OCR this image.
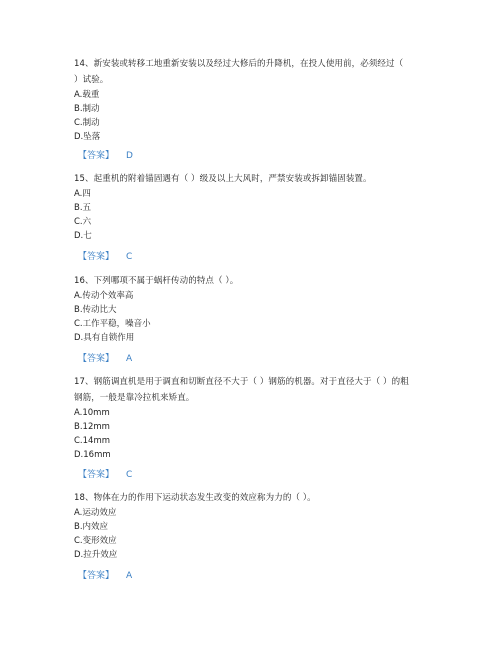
14、新安装或转移工地重新安装以及经过大修后的升降机，在投人使用前，必须经过（

）试验。

A.载重

B.制动

C.制动

D.坠落

【答案】 D

15、起重机的附着锚固遇有（ ）级及以上大风时，严禁安装或拆卸锚固装置。

A.四

B.五

C.六

D.七

【答案】 C

16、下列哪项不属于蜗杆传动的特点（ ）。

A.传动个效率高

B.传动比大

C.工作平稳，噪音小

D.具有自锁作用

【答案】 A

17、钢筋调直机是用于调直和切断直径不大于（ ）钢筋的机器。对于直径大于（ ）的粗

钢筋，一般是靠冷拉机来矫直。

A.10mm

B.12mm

C.14mm

D.16mm

【答案】 C

18、物体在力的作用下运动状态发生改变的效应称为力的（ ）。

A.运动效应

B.内效应

C.变形效应

D.拉升效应

【答案】 A
